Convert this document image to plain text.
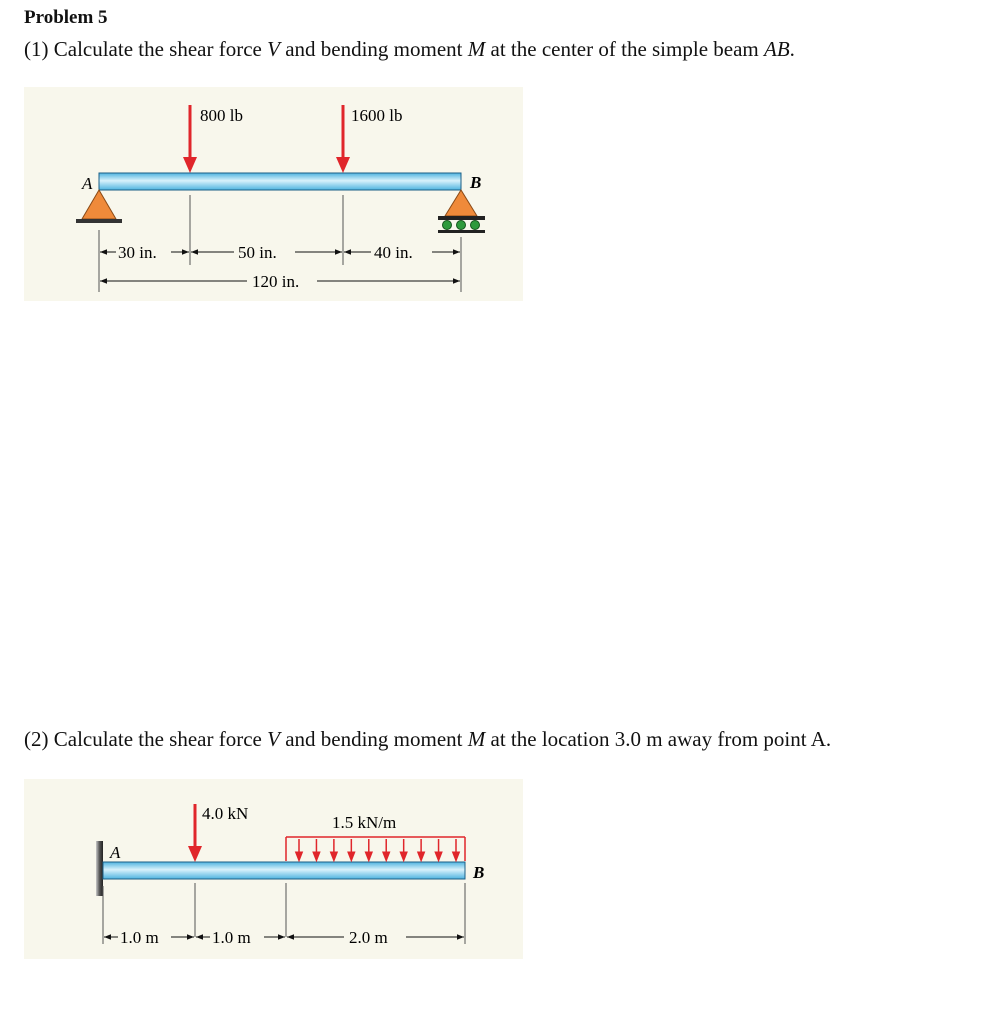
Problem 5
(1) Calculate the shear force V and bending moment M at the center of the simple beam AB.
A	B
800 lb	1600 lb
30 in.	50 in.	40 in.
120 in.
(2) Calculate the shear force V and bending moment M at the location 3.0 m away from point A.
A
B
4.0 kN	1.5 kN/m
1.0 m	1.0 m	2.0 m
